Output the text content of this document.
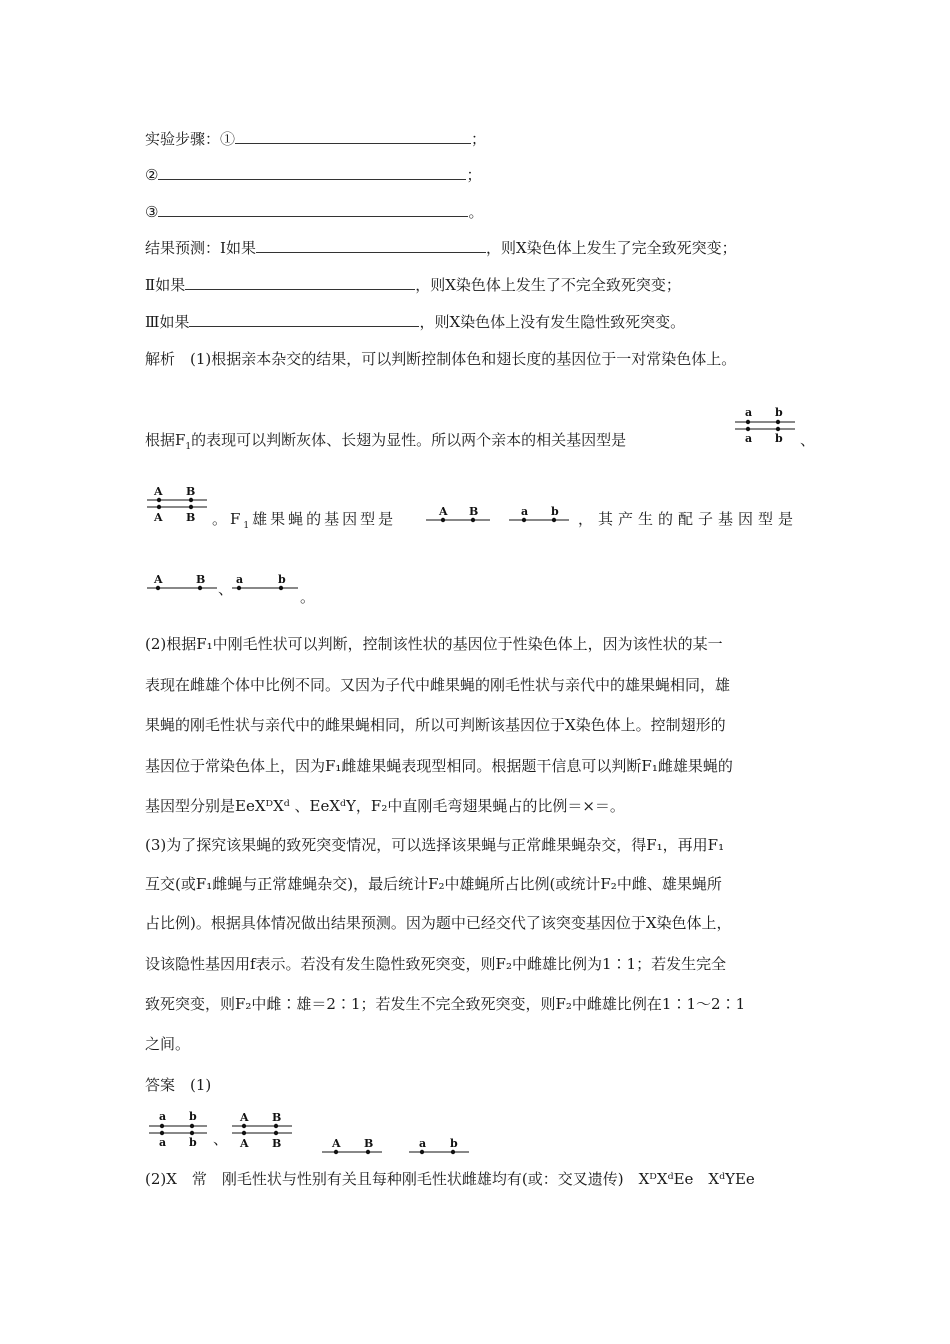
实验步骤：①	；
②	；
③	。
结果预测：Ⅰ如果	，则X染色体上发生了完全致死突变；
Ⅱ如果	，则X染色体上发生了不完全致死突变；
Ⅲ如果	，则X染色体上没有发生隐性致死突变。
解析　(1)根据亲本杂交的结果，可以判断控制体色和翅长度的基因位于一对常染色体上。
根据$F_1$的表现可以判断灰体、长翅为显性。所以两个亲本的相关基因型是
a b
a b 、
A B
A B 。$F_1$雄果蝇的基因型是	A B	a b ，其产生的配子基因型是
A	B
、
a	b
。
(2)根据F₁中刚毛性状可以判断，控制该性状的基因位于性染色体上，因为该性状的某一
表现在雌雄个体中比例不同。又因为子代中雌果蝇的刚毛性状与亲代中的雄果蝇相同，雄
果蝇的刚毛性状与亲代中的雌果蝇相同，所以可判断该基因位于X染色体上。控制翅形的
基因位于常染色体上，因为F₁雌雄果蝇表现型相同。根据题干信息可以判断F₁雌雄果蝇的
基因型分别是EeXᴰXᵈ 、EeXᵈY，F₂中直刚毛弯翅果蝇占的比例＝×＝。
(3)为了探究该果蝇的致死突变情况，可以选择该果蝇与正常雌果蝇杂交，得F₁，再用F₁
互交(或F₁雌蝇与正常雄蝇杂交)，最后统计F₂中雄蝇所占比例(或统计F₂中雌、雄果蝇所
占比例)。根据具体情况做出结果预测。因为题中已经交代了该突变基因位于X染色体上，
设该隐性基因用f表示。若没有发生隐性致死突变，则F₂中雌雄比例为1∶1；若发生完全
致死突变，则F₂中雌∶雄＝2∶1；若发生不完全致死突变，则F₂中雌雄比例在1∶1～2∶1
之间。
答案　(1)
a b
a b 、
A B
A B	A B	a b
(2)X　常　刚毛性状与性别有关且每种刚毛性状雌雄均有(或：交叉遗传)　XᴰXᵈEe　XᵈYEe
